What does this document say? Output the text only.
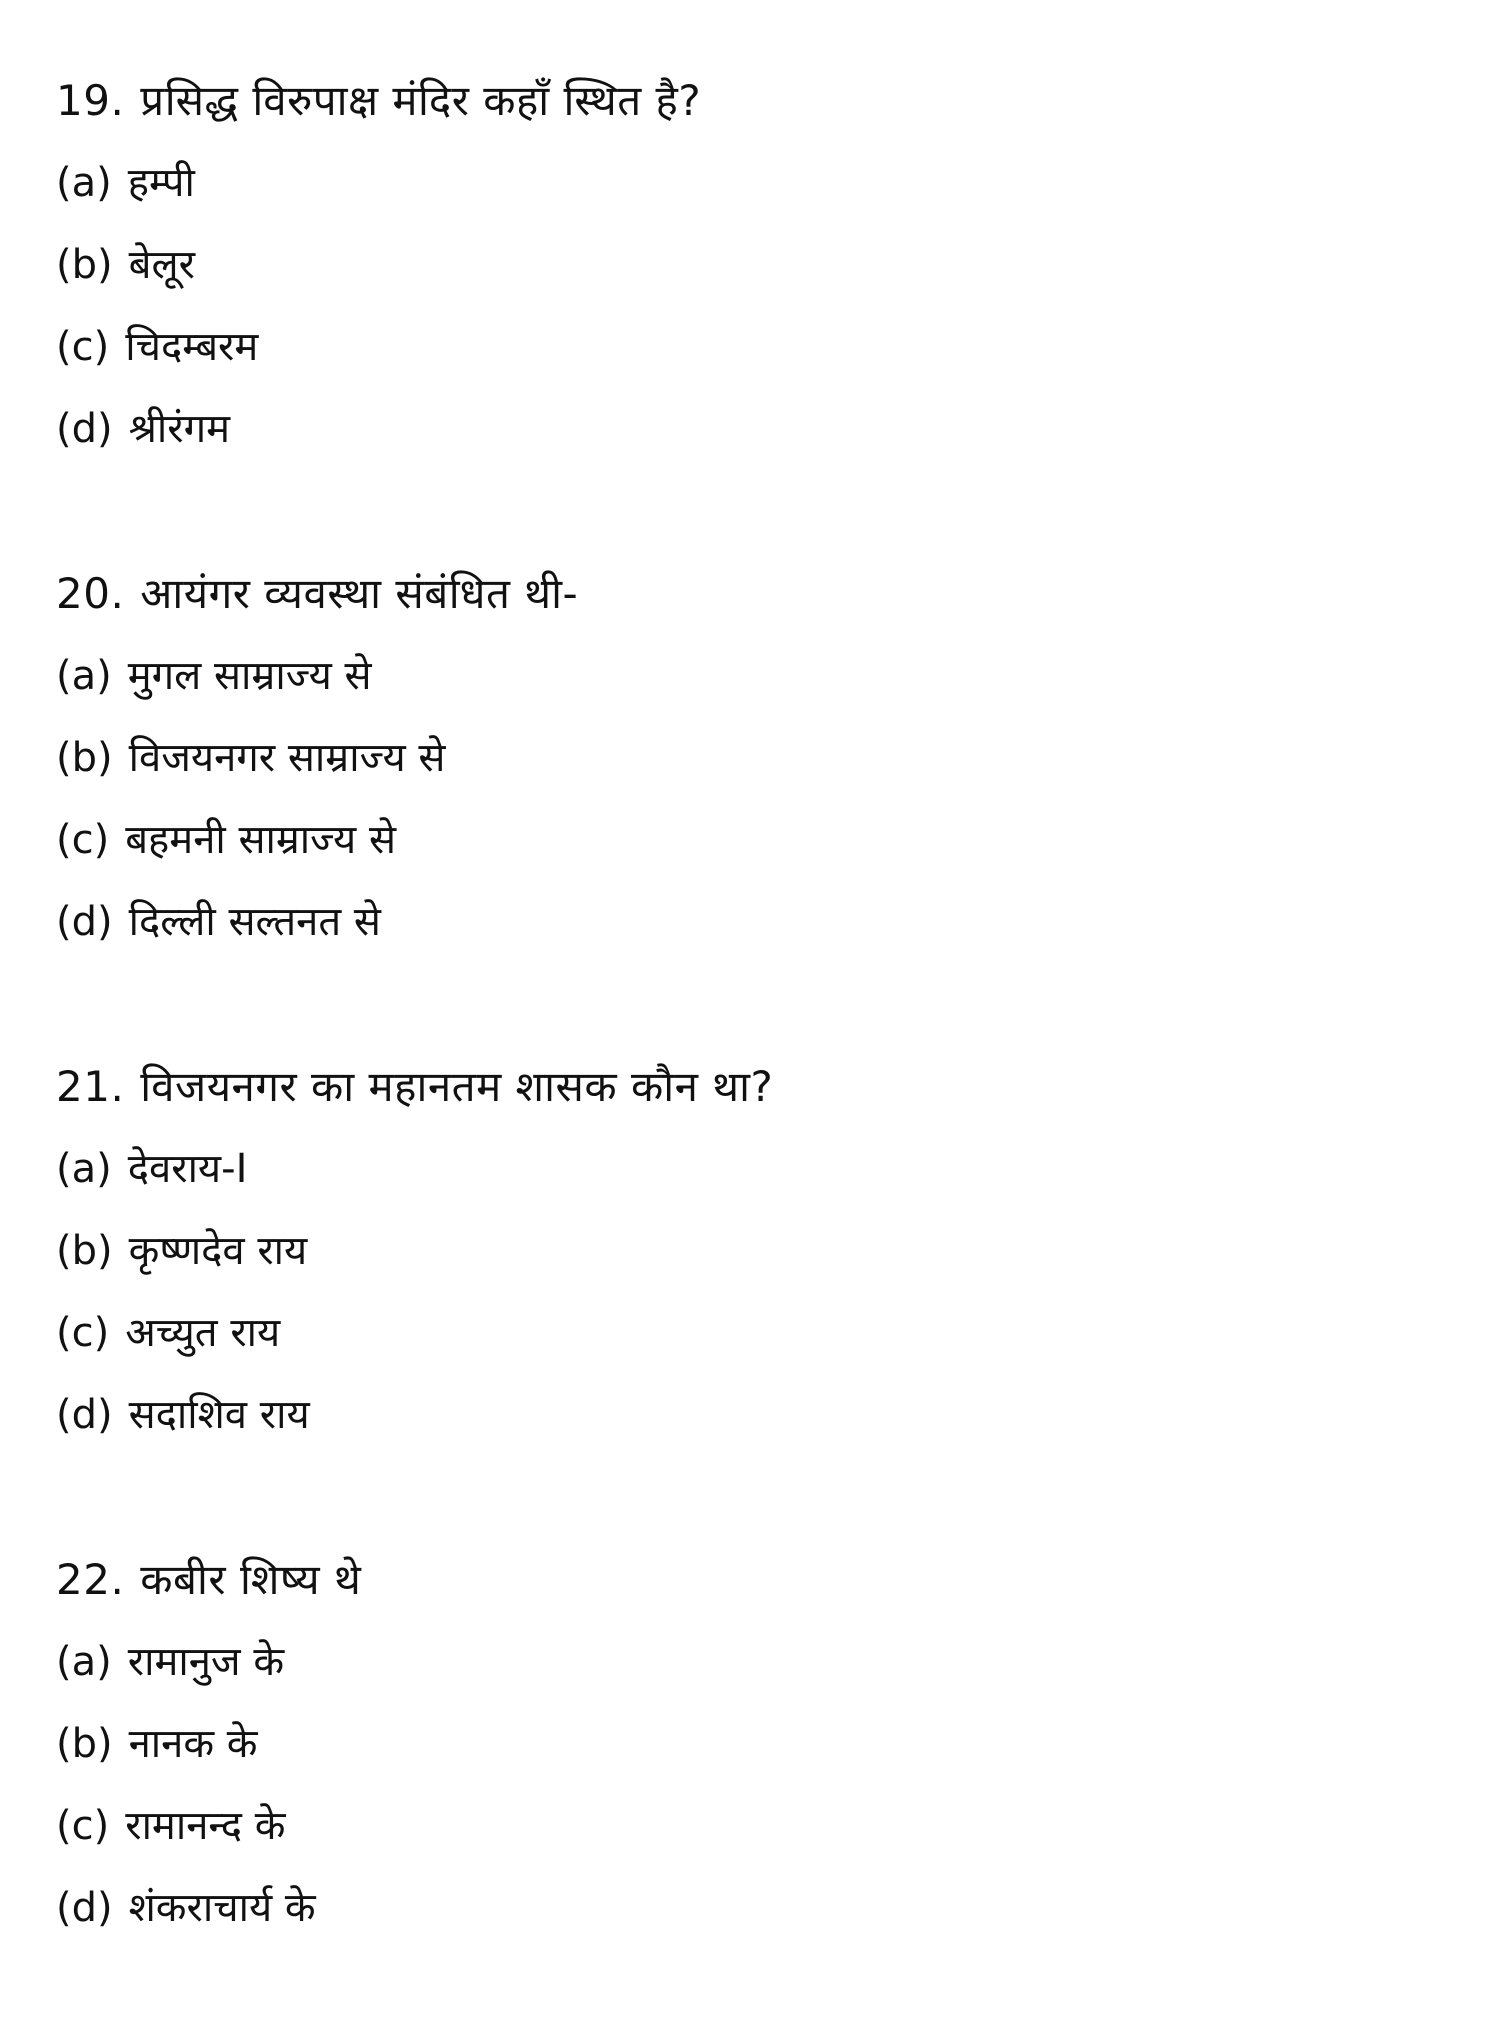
19. प्रसिद्ध विरुपाक्ष मंदिर कहाँ स्थित है?
(a) हम्पी
(b) बेलूर
(c) चिदम्बरम
(d) श्रीरंगम
20. आयंगर व्यवस्था संबंधित थी-
(a) मुगल साम्राज्य से
(b) विजयनगर साम्राज्य से
(c) बहमनी साम्राज्य से
(d) दिल्ली सल्तनत से
21. विजयनगर का महानतम शासक कौन था?
(a) देवराय-I
(b) कृष्णदेव राय
(c) अच्युत राय
(d) सदाशिव राय
22. कबीर शिष्य थे
(a) रामानुज के
(b) नानक के
(c) रामानन्द के
(d) शंकराचार्य के
